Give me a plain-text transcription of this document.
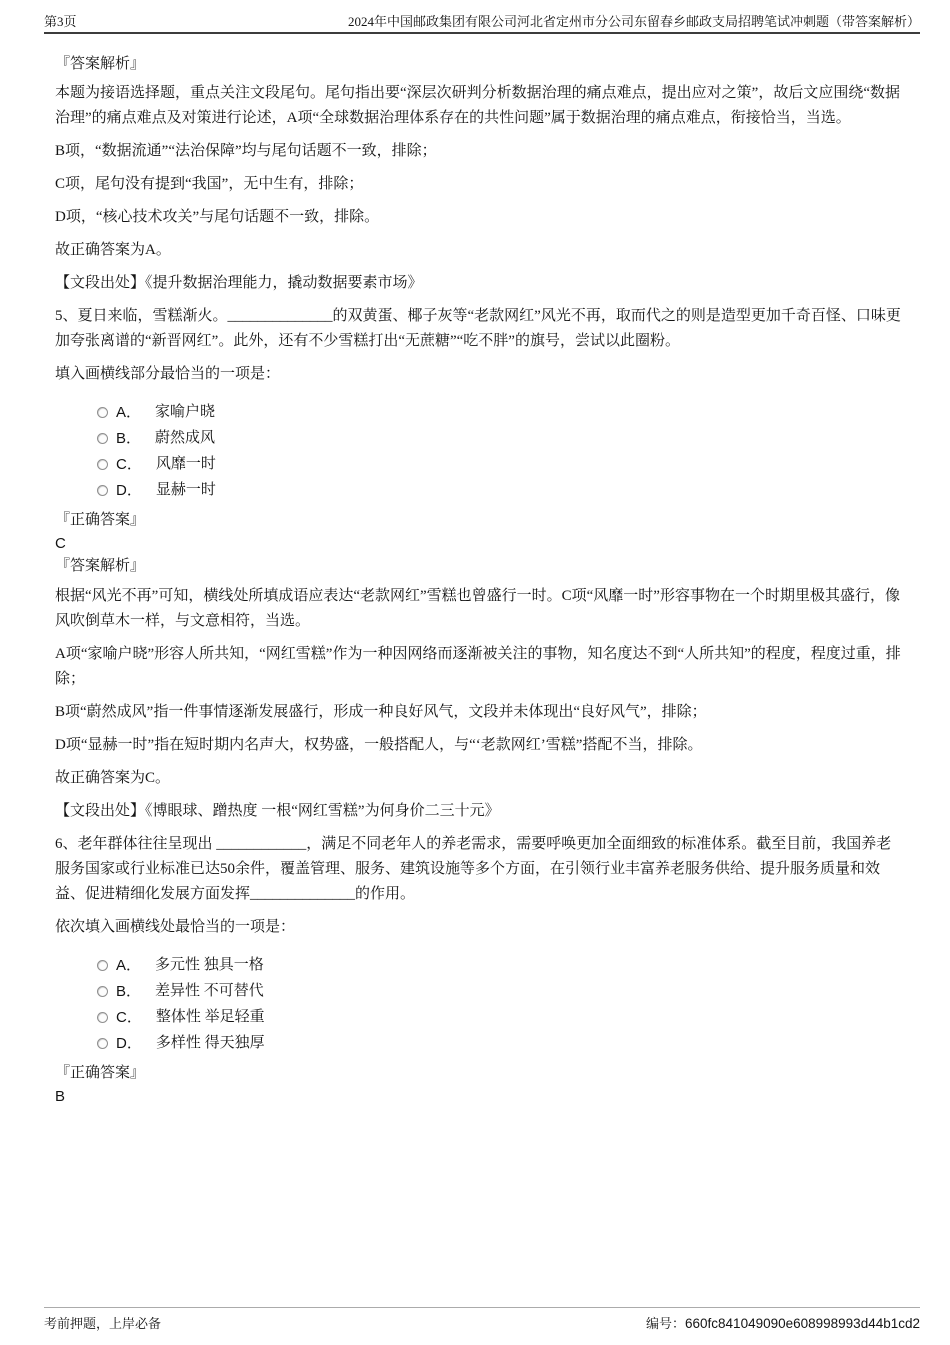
第3页	2024年中国邮政集团有限公司河北省定州市分公司东留春乡邮政支局招聘笔试冲刺题（带答案解析）

『答案解析』

本题为接语选择题，重点关注文段尾句。尾句指出要“深层次研判分析数据治理的痛点难点，提出应对之策”，故后文应围绕“数据治理”的痛点难点及对策进行论述，A项“全球数据治理体系存在的共性问题”属于数据治理的痛点难点，衔接恰当，当选。

B项，“数据流通”“法治保障”均与尾句话题不一致，排除；

C项，尾句没有提到“我国”，无中生有，排除；

D项，“核心技术攻关”与尾句话题不一致，排除。

故正确答案为A。

【文段出处】《提升数据治理能力，撬动数据要素市场》

5、夏日来临，雪糕渐火。______________的双黄蛋、椰子灰等“老款网红”风光不再，取而代之的则是造型更加千奇百怪、口味更加夸张离谱的“新晋网红”。此外，还有不少雪糕打出“无蔗糖”“吃不胖”的旗号，尝试以此圈粉。

填入画横线部分最恰当的一项是：

A． 家喻户晓
B． 蔚然成风
C． 风靡一时
D． 显赫一时

『正确答案』

C

『答案解析』

根据“风光不再”可知，横线处所填成语应表达“老款网红”雪糕也曾盛行一时。C项“风靡一时”形容事物在一个时期里极其盛行，像风吹倒草木一样，与文意相符，当选。

A项“家喻户晓”形容人所共知，“网红雪糕”作为一种因网络而逐渐被关注的事物，知名度达不到“人所共知”的程度，程度过重，排除；

B项“蔚然成风”指一件事情逐渐发展盛行，形成一种良好风气，文段并未体现出“良好风气”，排除；

D项“显赫一时”指在短时期内名声大，权势盛，一般搭配人，与“‘老款网红’雪糕”搭配不当，排除。

故正确答案为C。

【文段出处】《博眼球、蹭热度 一根“网红雪糕”为何身价二三十元》

6、老年群体往往呈现出 ____________，满足不同老年人的养老需求，需要呼唤更加全面细致的标准体系。截至目前，我国养老服务国家或行业标准已达50余件，覆盖管理、服务、建筑设施等多个方面，在引领行业丰富养老服务供给、提升服务质量和效益、促进精细化发展方面发挥______________的作用。

依次填入画横线处最恰当的一项是：

A． 多元性 独具一格
B． 差异性 不可替代
C． 整体性 举足轻重
D． 多样性 得天独厚

『正确答案』

B

考前押题，上岸必备	编号：660fc841049090e608998993d44b1cd2
